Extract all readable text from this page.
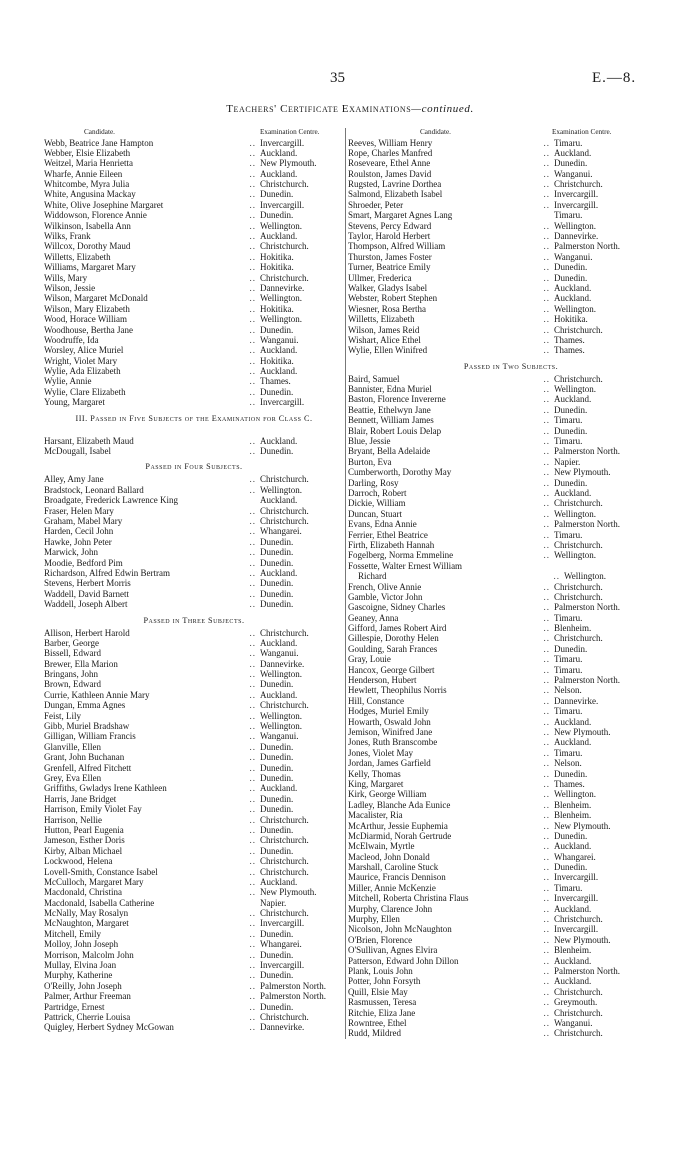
35	E.—8.
Teachers' Certificate Examinations—continued.
Candidate.	Examination Centre.
Webb, Beatrice Jane Hampton	.. Invercargill.
Webber, Elsie Elizabeth	.. Auckland.
Weitzel, Maria Henrietta	.. New Plymouth.
Wharfe, Annie Eileen	.. Auckland.
Whitcombe, Myra Julia	.. Christchurch.
White, Angusina Mackay	.. Dunedin.
White, Olive Josephine Margaret	.. Invercargill.
Widdowson, Florence Annie	.. Dunedin.
Wilkinson, Isabella Ann	.. Wellington.
Wilks, Frank	.. Auckland.
Willcox, Dorothy Maud	.. Christchurch.
Willetts, Elizabeth	.. Hokitika.
Williams, Margaret Mary	.. Hokitika.
Wills, Mary	.. Christchurch.
Wilson, Jessie	.. Dannevirke.
Wilson, Margaret McDonald	.. Wellington.
Wilson, Mary Elizabeth	.. Hokitika.
Wood, Horace William	.. Wellington.
Woodhouse, Bertha Jane	.. Dunedin.
Woodruffe, Ida	.. Wanganui.
Worsley, Alice Muriel	.. Auckland.
Wright, Violet Mary	.. Hokitika.
Wylie, Ada Elizabeth	.. Auckland.
Wylie, Annie	.. Thames.
Wylie, Clare Elizabeth	.. Dunedin.
Young, Margaret	.. Invercargill.
III. Passed in Five Subjects of the Examination for Class C.
Harsant, Elizabeth Maud	.. Auckland.
McDougall, Isabel	.. Dunedin.
Passed in Four Subjects.
Alley, Amy Jane	.. Christchurch.
Bradstock, Leonard Ballard	.. Wellington.
Broadgate, Frederick Lawrence King	Auckland.
Fraser, Helen Mary	.. Christchurch.
Graham, Mabel Mary	.. Christchurch.
Harden, Cecil John	.. Whangarei.
Hawke, John Peter	.. Dunedin.
Marwick, John	.. Dunedin.
Moodie, Bedford Pim	.. Dunedin.
Richardson, Alfred Edwin Bertram	.. Auckland.
Stevens, Herbert Morris	.. Dunedin.
Waddell, David Barnett	.. Dunedin.
Waddell, Joseph Albert	.. Dunedin.
Passed in Three Subjects.
Allison, Herbert Harold	.. Christchurch.
Barber, George	.. Auckland.
Bissell, Edward	.. Wanganui.
Brewer, Ella Marion	.. Dannevirke.
Bringans, John	.. Wellington.
Brown, Edward	.. Dunedin.
Currie, Kathleen Annie Mary	.. Auckland.
Dungan, Emma Agnes	.. Christchurch.
Feist, Lily	.. Wellington.
Gibb, Muriel Bradshaw	.. Wellington.
Gilligan, William Francis	.. Wanganui.
Glanville, Ellen	.. Dunedin.
Grant, John Buchanan	.. Dunedin.
Grenfell, Alfred Fitchett	.. Dunedin.
Grey, Eva Ellen	.. Dunedin.
Griffiths, Gwladys Irene Kathleen	.. Auckland.
Harris, Jane Bridget	.. Dunedin.
Harrison, Emily Violet Fay	.. Dunedin.
Harrison, Nellie	.. Christchurch.
Hutton, Pearl Eugenia	.. Dunedin.
Jameson, Esther Doris	.. Christchurch.
Kirby, Alban Michael	.. Dunedin.
Lockwood, Helena	.. Christchurch.
Lovell-Smith, Constance Isabel	.. Christchurch.
McCulloch, Margaret Mary	.. Auckland.
Macdonald, Christina	.. New Plymouth.
Macdonald, Isabella Catherine	Napier.
McNally, May Rosalyn	.. Christchurch.
McNaughton, Margaret	.. Invercargill.
Mitchell, Emily	.. Dunedin.
Molloy, John Joseph	.. Whangarei.
Morrison, Malcolm John	.. Dunedin.
Mullay, Elvina Joan	.. Invercargill.
Murphy, Katherine	.. Dunedin.
O'Reilly, John Joseph	.. Palmerston North.
Palmer, Arthur Freeman	.. Palmerston North.
Partridge, Ernest	.. Dunedin.
Pattrick, Cherrie Louisa	.. Christchurch.
Quigley, Herbert Sydney McGowan	.. Dannevirke.
Candidate.	Examination Centre.
Reeves, William Henry	.. Timaru.
Rope, Charles Manfred	.. Auckland.
Roseveare, Ethel Anne	.. Dunedin.
Roulston, James David	.. Wanganui.
Rugsted, Lavrine Dorthea	.. Christchurch.
Salmond, Elizabeth Isabel	.. Invercargill.
Shroeder, Peter	.. Invercargill.
Smart, Margaret Agnes Lang	Timaru.
Stevens, Percy Edward	.. Wellington.
Taylor, Harold Herbert	.. Dannevirke.
Thompson, Alfred William	.. Palmerston North.
Thurston, James Foster	.. Wanganui.
Turner, Beatrice Emily	.. Dunedin.
Ullmer, Frederica	.. Dunedin.
Walker, Gladys Isabel	.. Auckland.
Webster, Robert Stephen	.. Auckland.
Wiesner, Rosa Bertha	.. Wellington.
Willetts, Elizabeth	.. Hokitika.
Wilson, James Reid	.. Christchurch.
Wishart, Alice Ethel	.. Thames.
Wylie, Ellen Winifred	.. Thames.
Passed in Two Subjects.
Baird, Samuel	.. Christchurch.
Bannister, Edna Muriel	.. Wellington.
Baston, Florence Invererne	.. Auckland.
Beattie, Ethelwyn Jane	.. Dunedin.
Bennett, William James	.. Timaru.
Blair, Robert Louis Delap	.. Dunedin.
Blue, Jessie	.. Timaru.
Bryant, Bella Adelaide	.. Palmerston North.
Burton, Eva	.. Napier.
Cumberworth, Dorothy May	.. New Plymouth.
Darling, Rosy	.. Dunedin.
Darroch, Robert	.. Auckland.
Dickie, William	.. Christchurch.
Duncan, Stuart	.. Wellington.
Evans, Edna Annie	.. Palmerston North.
Ferrier, Ethel Beatrice	.. Timaru.
Firth, Elizabeth Hannah	.. Christchurch.
Fogelberg, Norma Emmeline	.. Wellington.
Fossette, Walter Ernest William
Richard	.. Wellington.
French, Olive Annie	.. Christchurch.
Gamble, Victor John	.. Christchurch.
Gascoigne, Sidney Charles	.. Palmerston North.
Geaney, Anna	.. Timaru.
Gifford, James Robert Aird	.. Blenheim.
Gillespie, Dorothy Helen	.. Christchurch.
Goulding, Sarah Frances	.. Dunedin.
Gray, Louie	.. Timaru.
Hancox, George Gilbert	.. Timaru.
Henderson, Hubert	.. Palmerston North.
Hewlett, Theophilus Norris	.. Nelson.
Hill, Constance	.. Dannevirke.
Hodges, Muriel Emily	.. Timaru.
Howarth, Oswald John	.. Auckland.
Jemison, Winifred Jane	.. New Plymouth.
Jones, Ruth Branscombe	.. Auckland.
Jones, Violet May	.. Timaru.
Jordan, James Garfield	.. Nelson.
Kelly, Thomas	.. Dunedin.
King, Margaret	.. Thames.
Kirk, George William	.. Wellington.
Ladley, Blanche Ada Eunice	.. Blenheim.
Macalister, Ria	.. Blenheim.
McArthur, Jessie Euphemia	.. New Plymouth.
McDiarmid, Norah Gertrude	.. Dunedin.
McElwain, Myrtle	.. Auckland.
Macleod, John Donald	.. Whangarei.
Marshall, Caroline Stuck	.. Dunedin.
Maurice, Francis Dennison	.. Invercargill.
Miller, Annie McKenzie	.. Timaru.
Mitchell, Roberta Christina Flaus	.. Invercargill.
Murphy, Clarence John	.. Auckland.
Murphy, Ellen	.. Christchurch.
Nicolson, John McNaughton	.. Invercargill.
O'Brien, Florence	.. New Plymouth.
O'Sullivan, Agnes Elvira	.. Blenheim.
Patterson, Edward John Dillon	.. Auckland.
Plank, Louis John	.. Palmerston North.
Potter, John Forsyth	.. Auckland.
Quill, Elsie May	.. Christchurch.
Rasmussen, Teresa	.. Greymouth.
Ritchie, Eliza Jane	.. Christchurch.
Rowntree, Ethel	.. Wanganui.
Rudd, Mildred	.. Christchurch.
